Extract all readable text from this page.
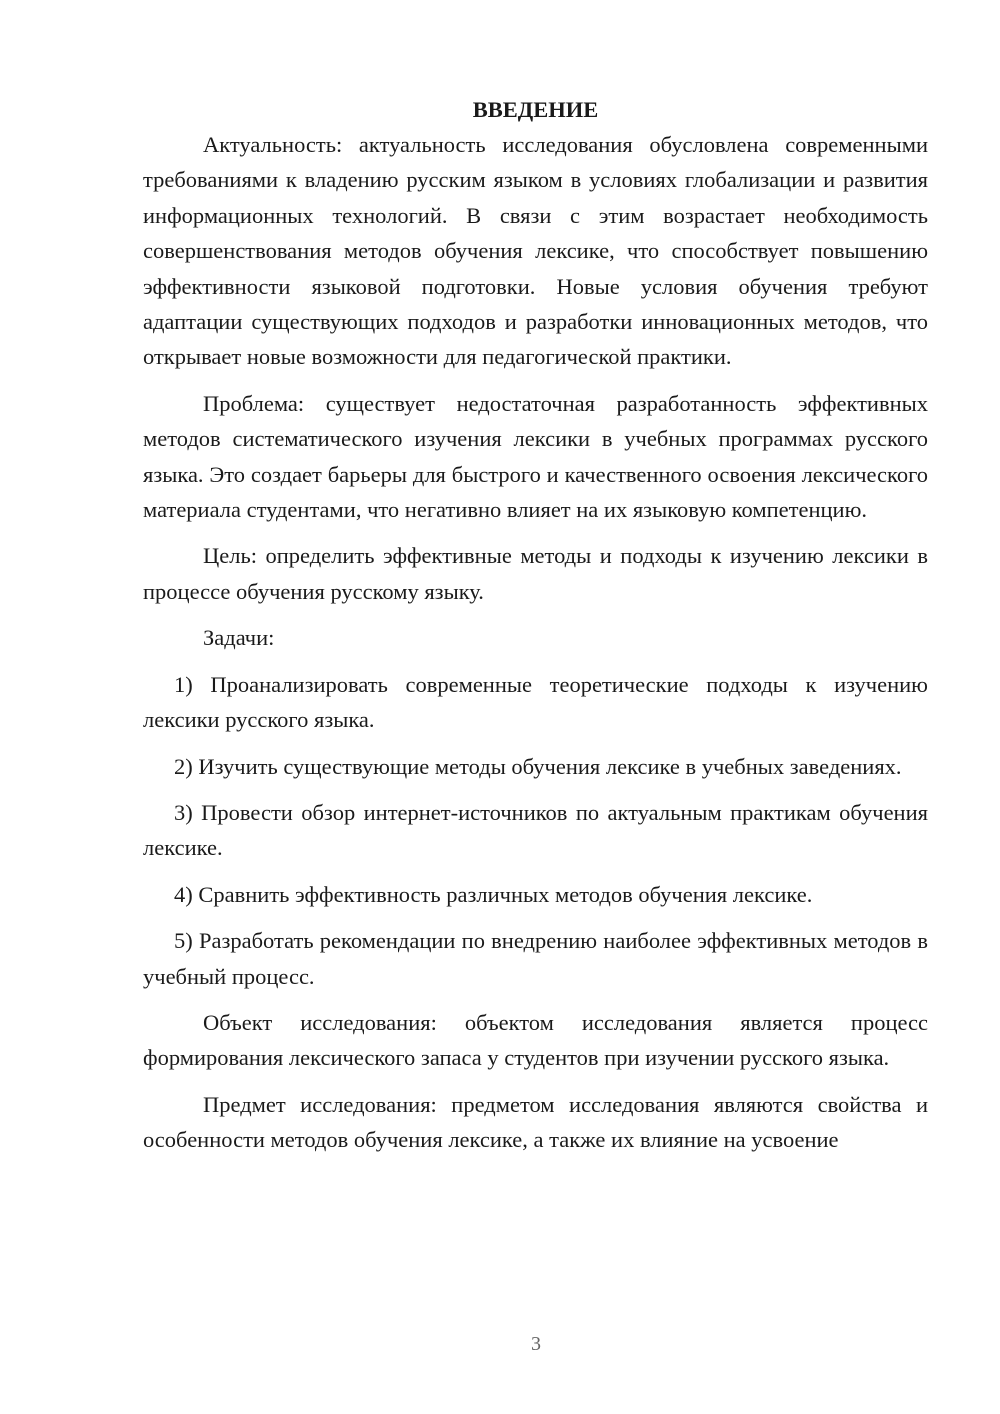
ВВЕДЕНИЕ

Актуальность: актуальность исследования обусловлена современными требованиями к владению русским языком в условиях глобализации и развития информационных технологий. В связи с этим возрастает необходимость совершенствования методов обучения лексике, что способствует повышению эффективности языковой подготовки. Новые условия обучения требуют адаптации существующих подходов и разработки инновационных методов, что открывает новые возможности для педагогической практики.

Проблема: существует недостаточная разработанность эффективных методов систематического изучения лексики в учебных программах русского языка. Это создает барьеры для быстрого и качественного освоения лексического материала студентами, что негативно влияет на их языковую компетенцию.

Цель: определить эффективные методы и подходы к изучению лексики в процессе обучения русскому языку.

Задачи:

1) Проанализировать современные теоретические подходы к изучению лексики русского языка.

2) Изучить существующие методы обучения лексике в учебных заведениях.

3) Провести обзор интернет-источников по актуальным практикам обучения лексике.

4) Сравнить эффективность различных методов обучения лексике.

5) Разработать рекомендации по внедрению наиболее эффективных методов в учебный процесс.

Объект исследования: объектом исследования является процесс формирования лексического запаса у студентов при изучении русского языка.

Предмет исследования: предметом исследования являются свойства и особенности методов обучения лексике, а также их влияние на усвоение

3
